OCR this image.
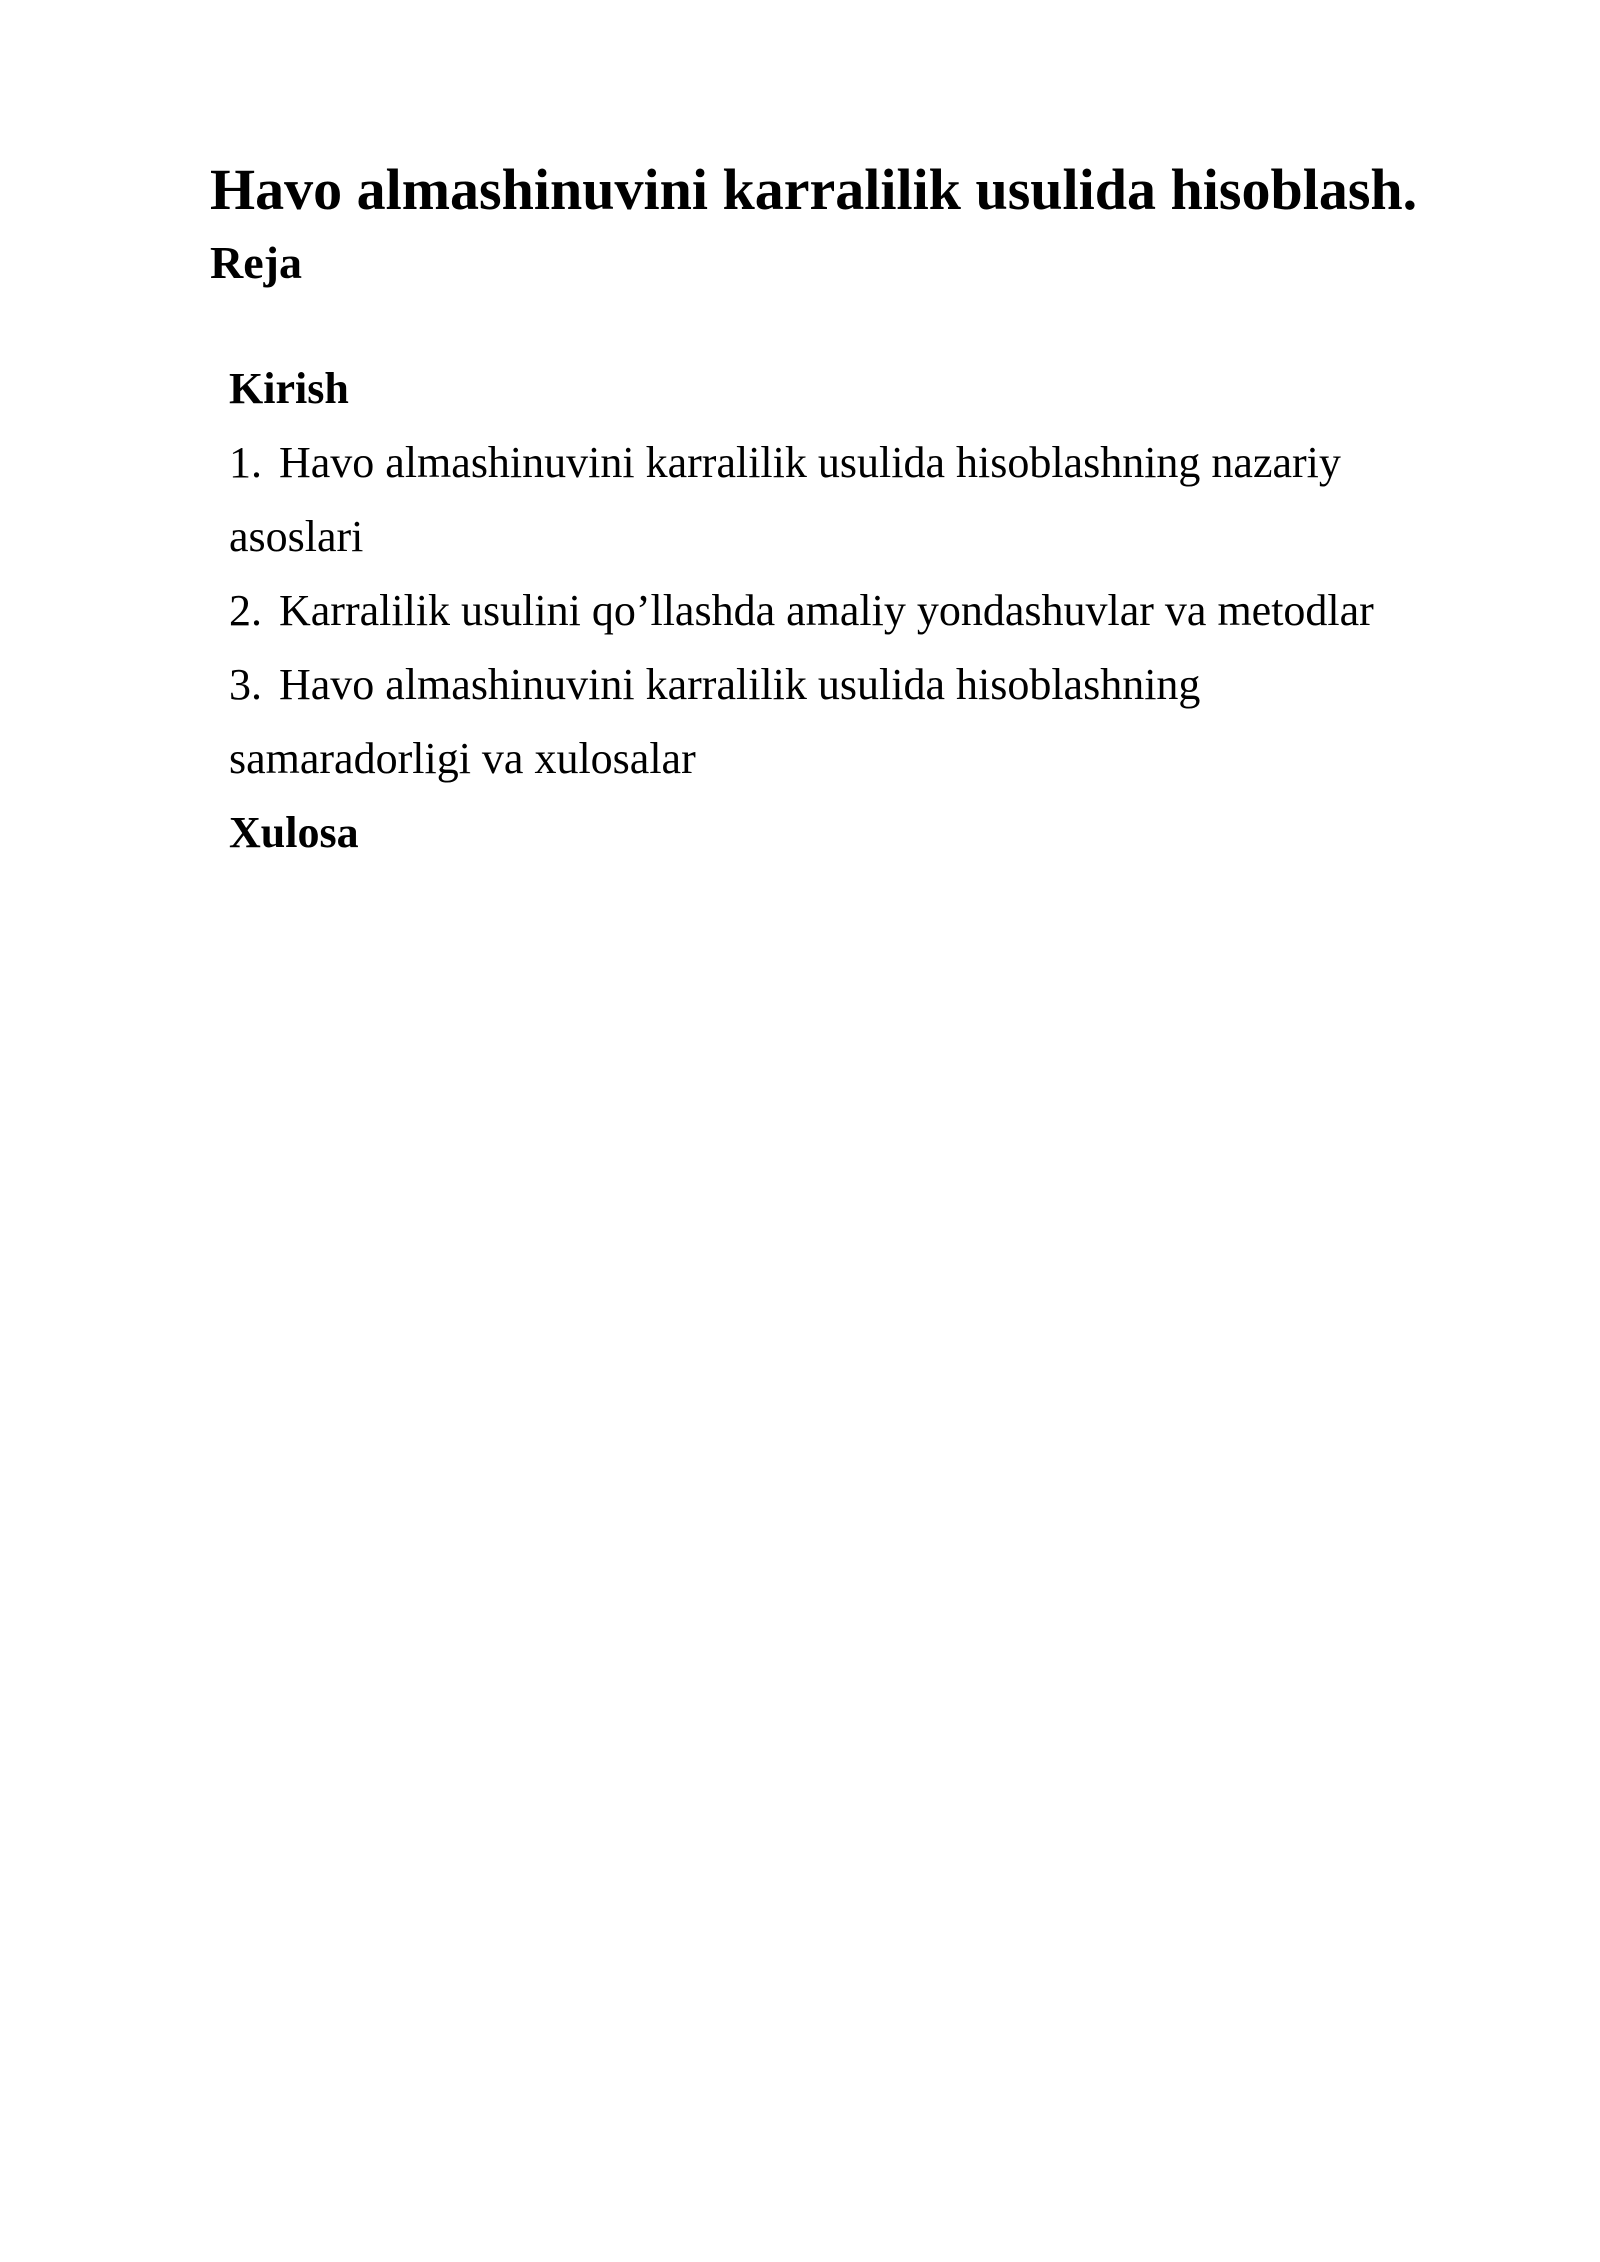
Havo almashinuvini karralilik usulida hisoblash.
Reja
Kirish
1. Havo almashinuvini karralilik usulida hisoblashning nazariy
asoslari
2. Karralilik usulini qo’llashda amaliy yondashuvlar va metodlar
3. Havo almashinuvini karralilik usulida hisoblashning
samaradorligi va xulosalar
Xulosa
